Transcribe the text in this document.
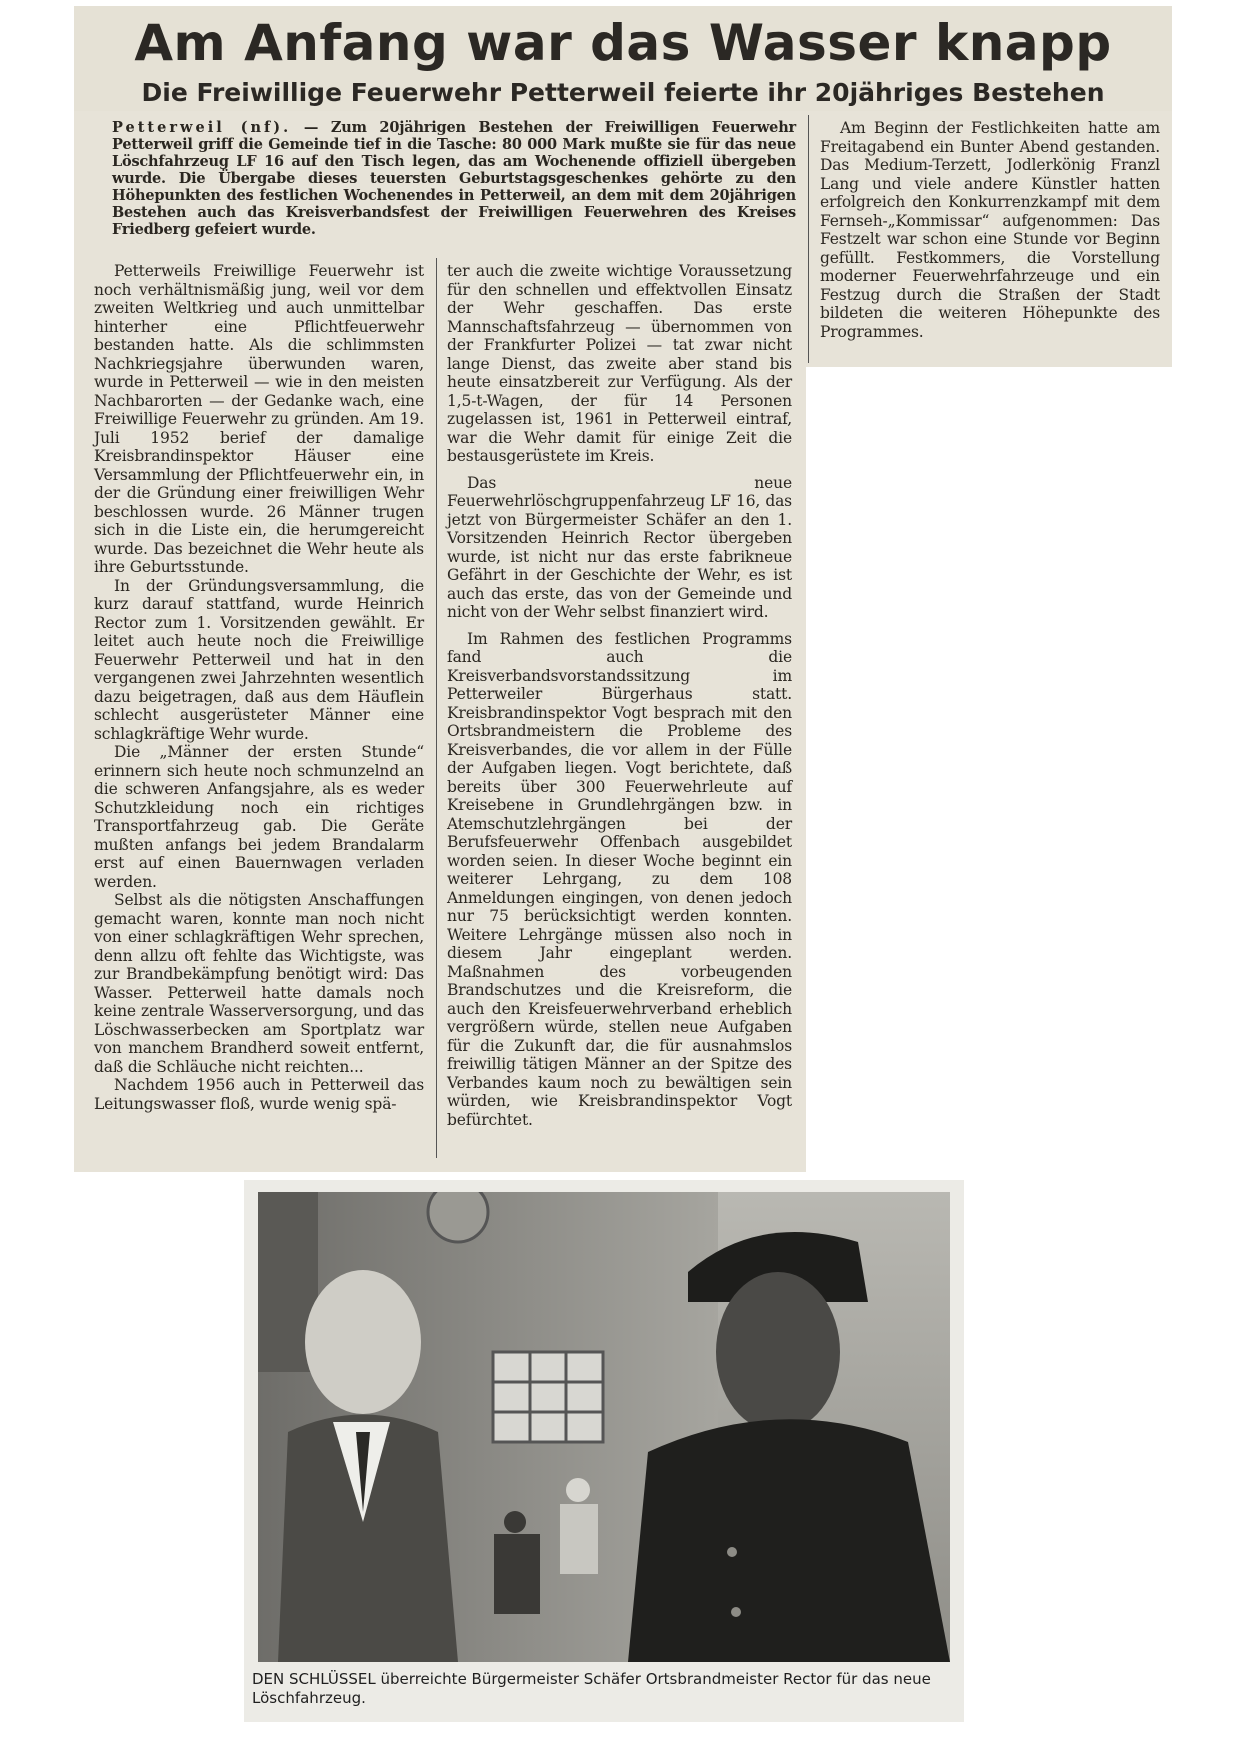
Am Anfang war das Wasser knapp
Die Freiwillige Feuerwehr Petterweil feierte ihr 20jähriges Bestehen
Petterweil (nf). — Zum 20jährigen Bestehen der Freiwilligen Feuerwehr Petterweil griff die Gemeinde tief in die Tasche: 80 000 Mark mußte sie für das neue Löschfahrzeug LF 16 auf den Tisch legen, das am Wochenende offiziell übergeben wurde. Die Übergabe dieses teuersten Geburtstagsgeschenkes gehörte zu den Höhepunkten des festlichen Wochenendes in Petterweil, an dem mit dem 20jährigen Bestehen auch das Kreisverbandsfest der Freiwilligen Feuerwehren des Kreises Friedberg gefeiert wurde.

Am Beginn der Festlichkeiten hatte am Freitagabend ein Bunter Abend gestanden. Das Medium-Terzett, Jodlerkönig Franzl Lang und viele andere Künstler hatten erfolgreich den Konkurrenzkampf mit dem Fernseh-„Kommissar“ aufgenommen: Das Festzelt war schon eine Stunde vor Beginn gefüllt. Festkommers, die Vorstellung moderner Feuerwehrfahrzeuge und ein Festzug durch die Straßen der Stadt bildeten die weiteren Höhepunkte des Programmes.

Petterweils Freiwillige Feuerwehr ist noch verhältnismäßig jung, weil vor dem zweiten Weltkrieg und auch unmittelbar hinterher eine Pflichtfeuerwehr bestanden hatte. Als die schlimmsten Nachkriegsjahre überwunden waren, wurde in Petterweil — wie in den meisten Nachbarorten — der Gedanke wach, eine Freiwillige Feuerwehr zu gründen. Am 19. Juli 1952 berief der damalige Kreisbrandinspektor Häuser eine Versammlung der Pflichtfeuerwehr ein, in der die Gründung einer freiwilligen Wehr beschlossen wurde. 26 Männer trugen sich in die Liste ein, die herumgereicht wurde. Das bezeichnet die Wehr heute als ihre Geburtsstunde.

In der Gründungsversammlung, die kurz darauf stattfand, wurde Heinrich Rector zum 1. Vorsitzenden gewählt. Er leitet auch heute noch die Freiwillige Feuerwehr Petterweil und hat in den vergangenen zwei Jahrzehnten wesentlich dazu beigetragen, daß aus dem Häuflein schlecht ausgerüsteter Männer eine schlagkräftige Wehr wurde.

Die „Männer der ersten Stunde“ erinnern sich heute noch schmunzelnd an die schweren Anfangsjahre, als es weder Schutzkleidung noch ein richtiges Transportfahrzeug gab. Die Geräte mußten anfangs bei jedem Brandalarm erst auf einen Bauernwagen verladen werden.

Selbst als die nötigsten Anschaffungen gemacht waren, konnte man noch nicht von einer schlagkräftigen Wehr sprechen, denn allzu oft fehlte das Wichtigste, was zur Brandbekämpfung benötigt wird: Das Wasser. Petterweil hatte damals noch keine zentrale Wasserversorgung, und das Löschwasserbecken am Sportplatz war von manchem Brandherd soweit entfernt, daß die Schläuche nicht reichten...

Nachdem 1956 auch in Petterweil das Leitungswasser floß, wurde wenig spä-

ter auch die zweite wichtige Voraussetzung für den schnellen und effektvollen Einsatz der Wehr geschaffen. Das erste Mannschaftsfahrzeug — übernommen von der Frankfurter Polizei — tat zwar nicht lange Dienst, das zweite aber stand bis heute einsatzbereit zur Verfügung. Als der 1,5-t-Wagen, der für 14 Personen zugelassen ist, 1961 in Petterweil eintraf, war die Wehr damit für einige Zeit die bestausgerüstete im Kreis.

Das neue Feuerwehrlöschgruppenfahrzeug LF 16, das jetzt von Bürgermeister Schäfer an den 1. Vorsitzenden Heinrich Rector übergeben wurde, ist nicht nur das erste fabrikneue Gefährt in der Geschichte der Wehr, es ist auch das erste, das von der Gemeinde und nicht von der Wehr selbst finanziert wird.

Im Rahmen des festlichen Programms fand auch die Kreisverbandsvorstandssitzung im Petterweiler Bürgerhaus statt. Kreisbrandinspektor Vogt besprach mit den Ortsbrandmeistern die Probleme des Kreisverbandes, die vor allem in der Fülle der Aufgaben liegen. Vogt berichtete, daß bereits über 300 Feuerwehrleute auf Kreisebene in Grundlehrgängen bzw. in Atemschutzlehrgängen bei der Berufsfeuerwehr Offenbach ausgebildet worden seien. In dieser Woche beginnt ein weiterer Lehrgang, zu dem 108 Anmeldungen eingingen, von denen jedoch nur 75 berücksichtigt werden konnten. Weitere Lehrgänge müssen also noch in diesem Jahr eingeplant werden. Maßnahmen des vorbeugenden Brandschutzes und die Kreisreform, die auch den Kreisfeuerwehrverband erheblich vergrößern würde, stellen neue Aufgaben für die Zukunft dar, die für ausnahmslos freiwillig tätigen Männer an der Spitze des Verbandes kaum noch zu bewältigen sein würden, wie Kreisbrandinspektor Vogt befürchtet.

DEN SCHLÜSSEL überreichte Bürgermeister Schäfer Ortsbrandmeister Rector für das neue Löschfahrzeug.
